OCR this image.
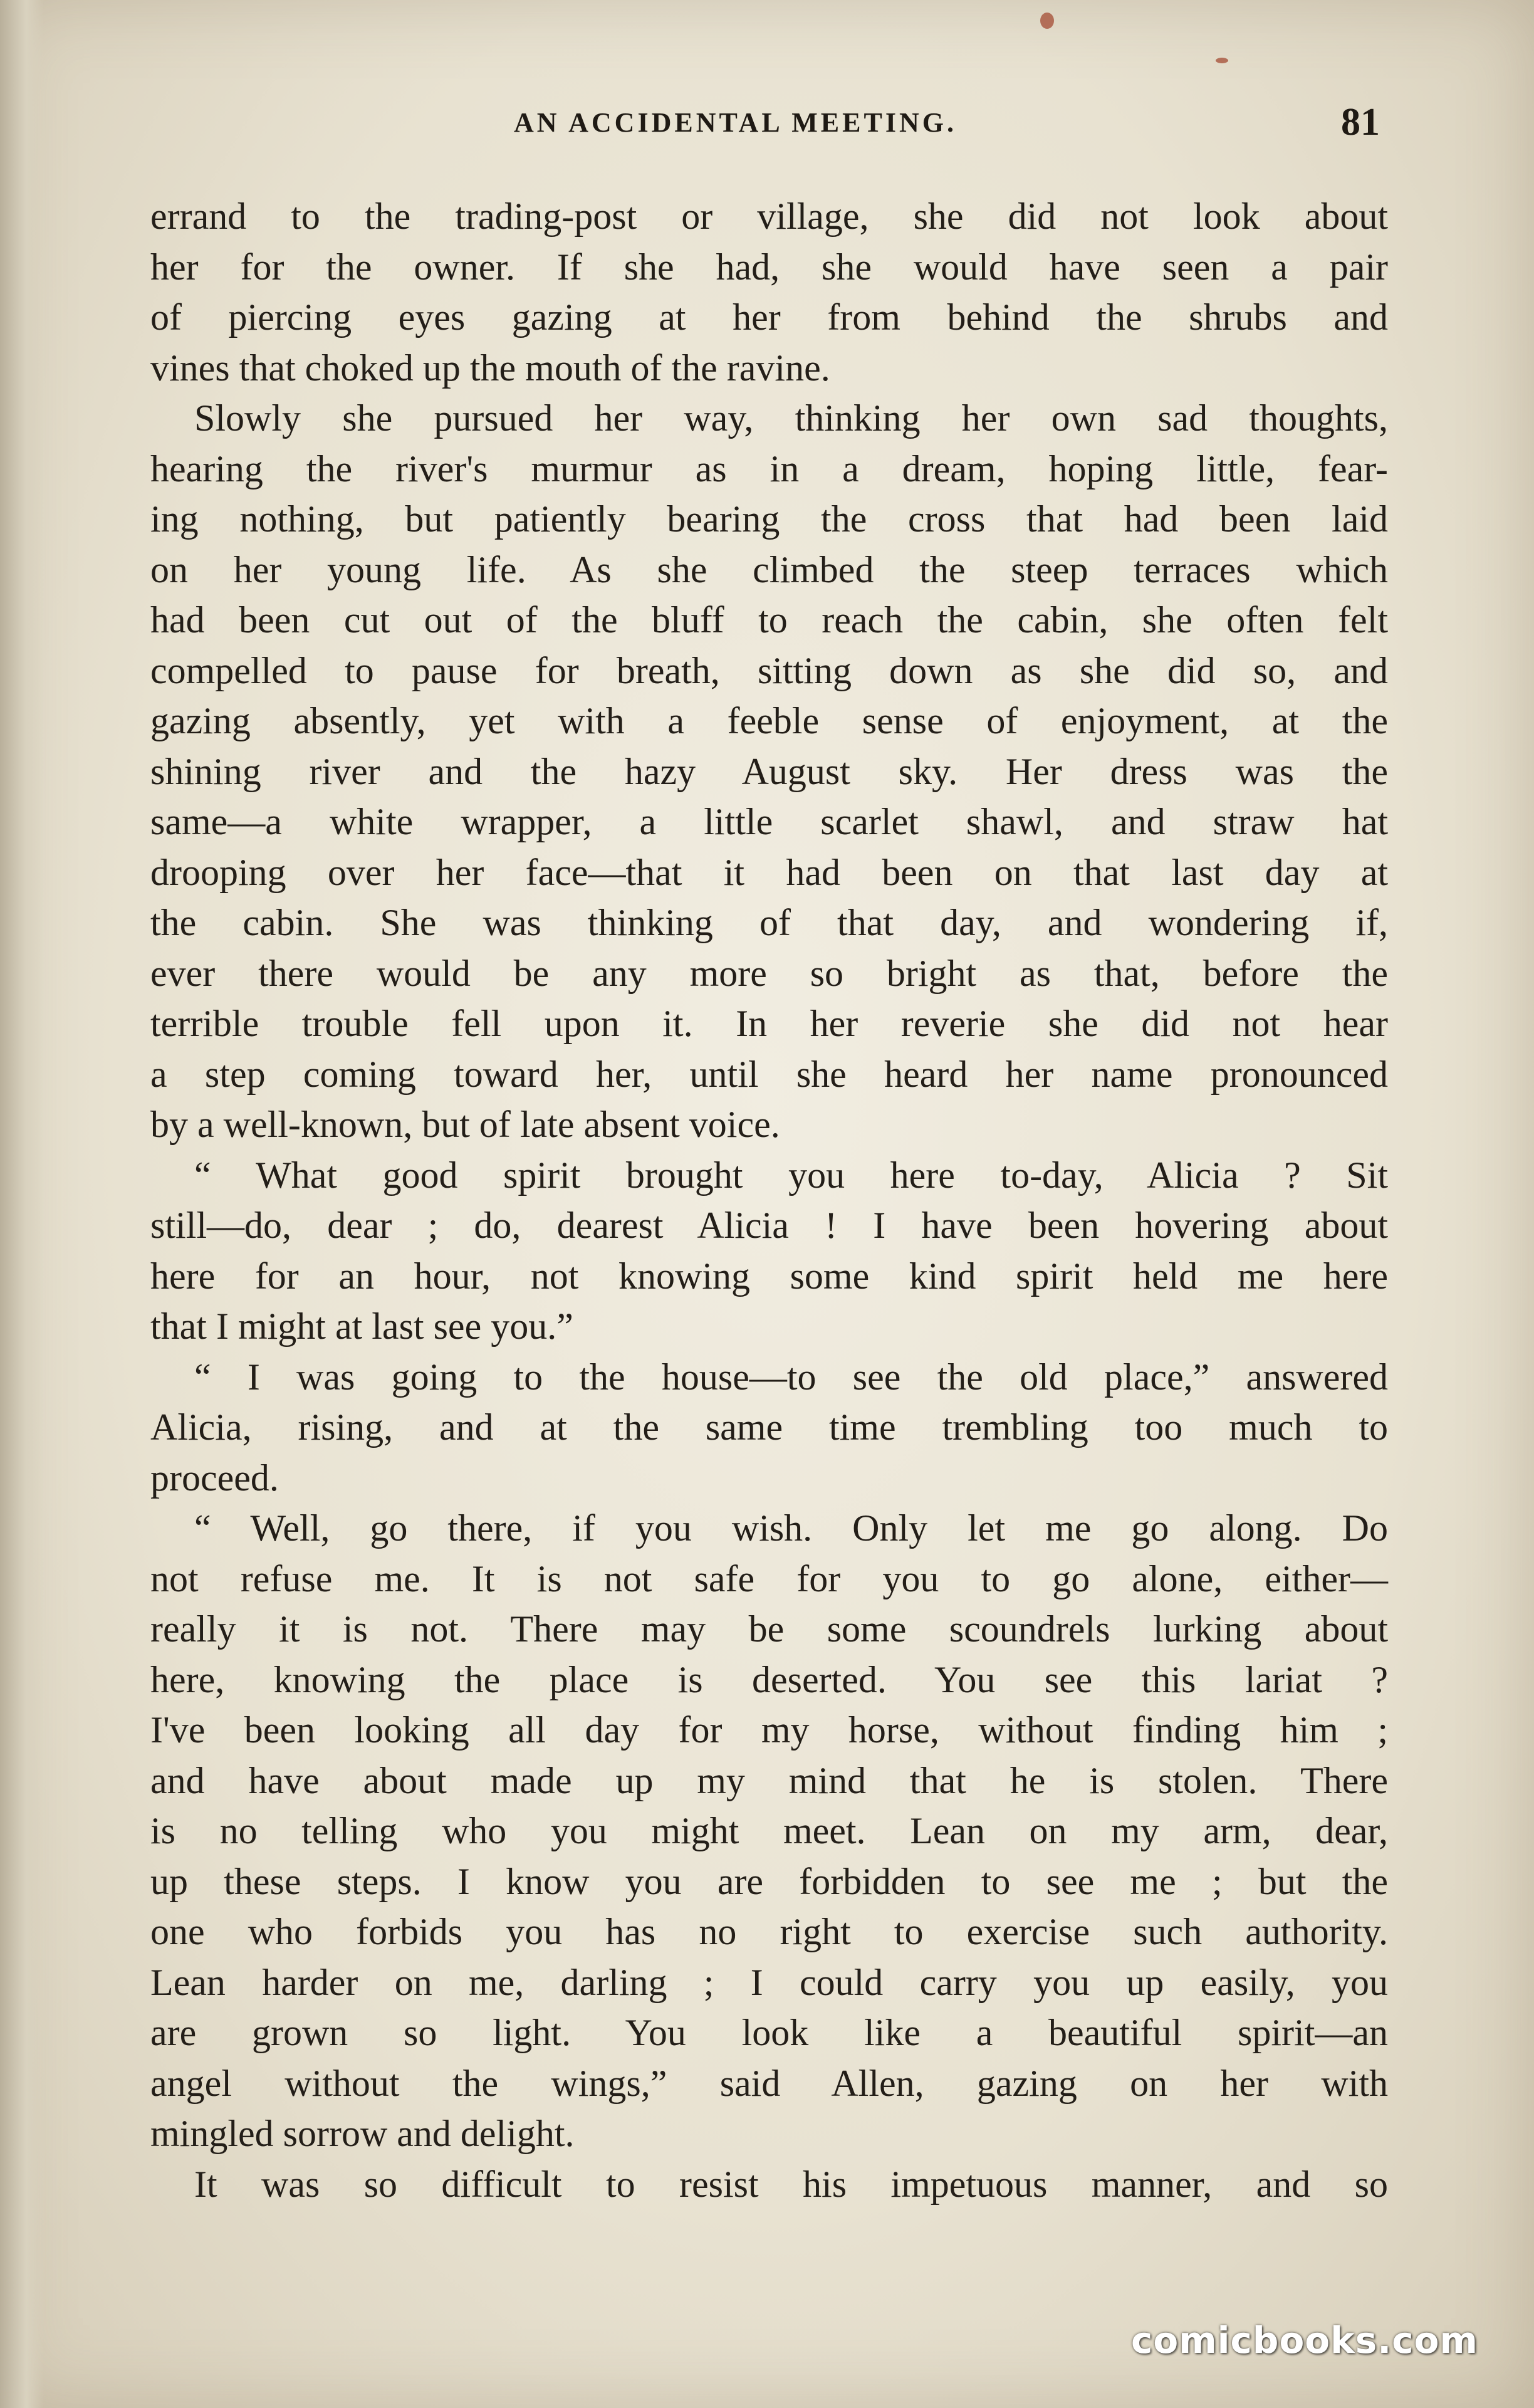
AN ACCIDENTAL MEETING.	81
errand to the trading-post or village, she did not look about
her for the owner. If she had, she would have seen a pair
of piercing eyes gazing at her from behind the shrubs and
vines that choked up the mouth of the ravine.
Slowly she pursued her way, thinking her own sad thoughts,
hearing the river's murmur as in a dream, hoping little, fear-
ing nothing, but patiently bearing the cross that had been laid
on her young life. As she climbed the steep terraces which
had been cut out of the bluff to reach the cabin, she often felt
compelled to pause for breath, sitting down as she did so, and
gazing absently, yet with a feeble sense of enjoyment, at the
shining river and the hazy August sky. Her dress was the
same—a white wrapper, a little scarlet shawl, and straw hat
drooping over her face—that it had been on that last day at
the cabin. She was thinking of that day, and wondering if,
ever there would be any more so bright as that, before the
terrible trouble fell upon it. In her reverie she did not hear
a step coming toward her, until she heard her name pronounced
by a well-known, but of late absent voice.
“ What good spirit brought you here to-day, Alicia ? Sit
still—do, dear ; do, dearest Alicia ! I have been hovering about
here for an hour, not knowing some kind spirit held me here
that I might at last see you.”
“ I was going to the house—to see the old place,” answered
Alicia, rising, and at the same time trembling too much to
proceed.
“ Well, go there, if you wish. Only let me go along. Do
not refuse me. It is not safe for you to go alone, either—
really it is not. There may be some scoundrels lurking about
here, knowing the place is deserted. You see this lariat ?
I've been looking all day for my horse, without finding him ;
and have about made up my mind that he is stolen. There
is no telling who you might meet. Lean on my arm, dear,
up these steps. I know you are forbidden to see me ; but the
one who forbids you has no right to exercise such authority.
Lean harder on me, darling ; I could carry you up easily, you
are grown so light. You look like a beautiful spirit—an
angel without the wings,” said Allen, gazing on her with
mingled sorrow and delight.
It was so difficult to resist his impetuous manner, and so
comicbooks.com
